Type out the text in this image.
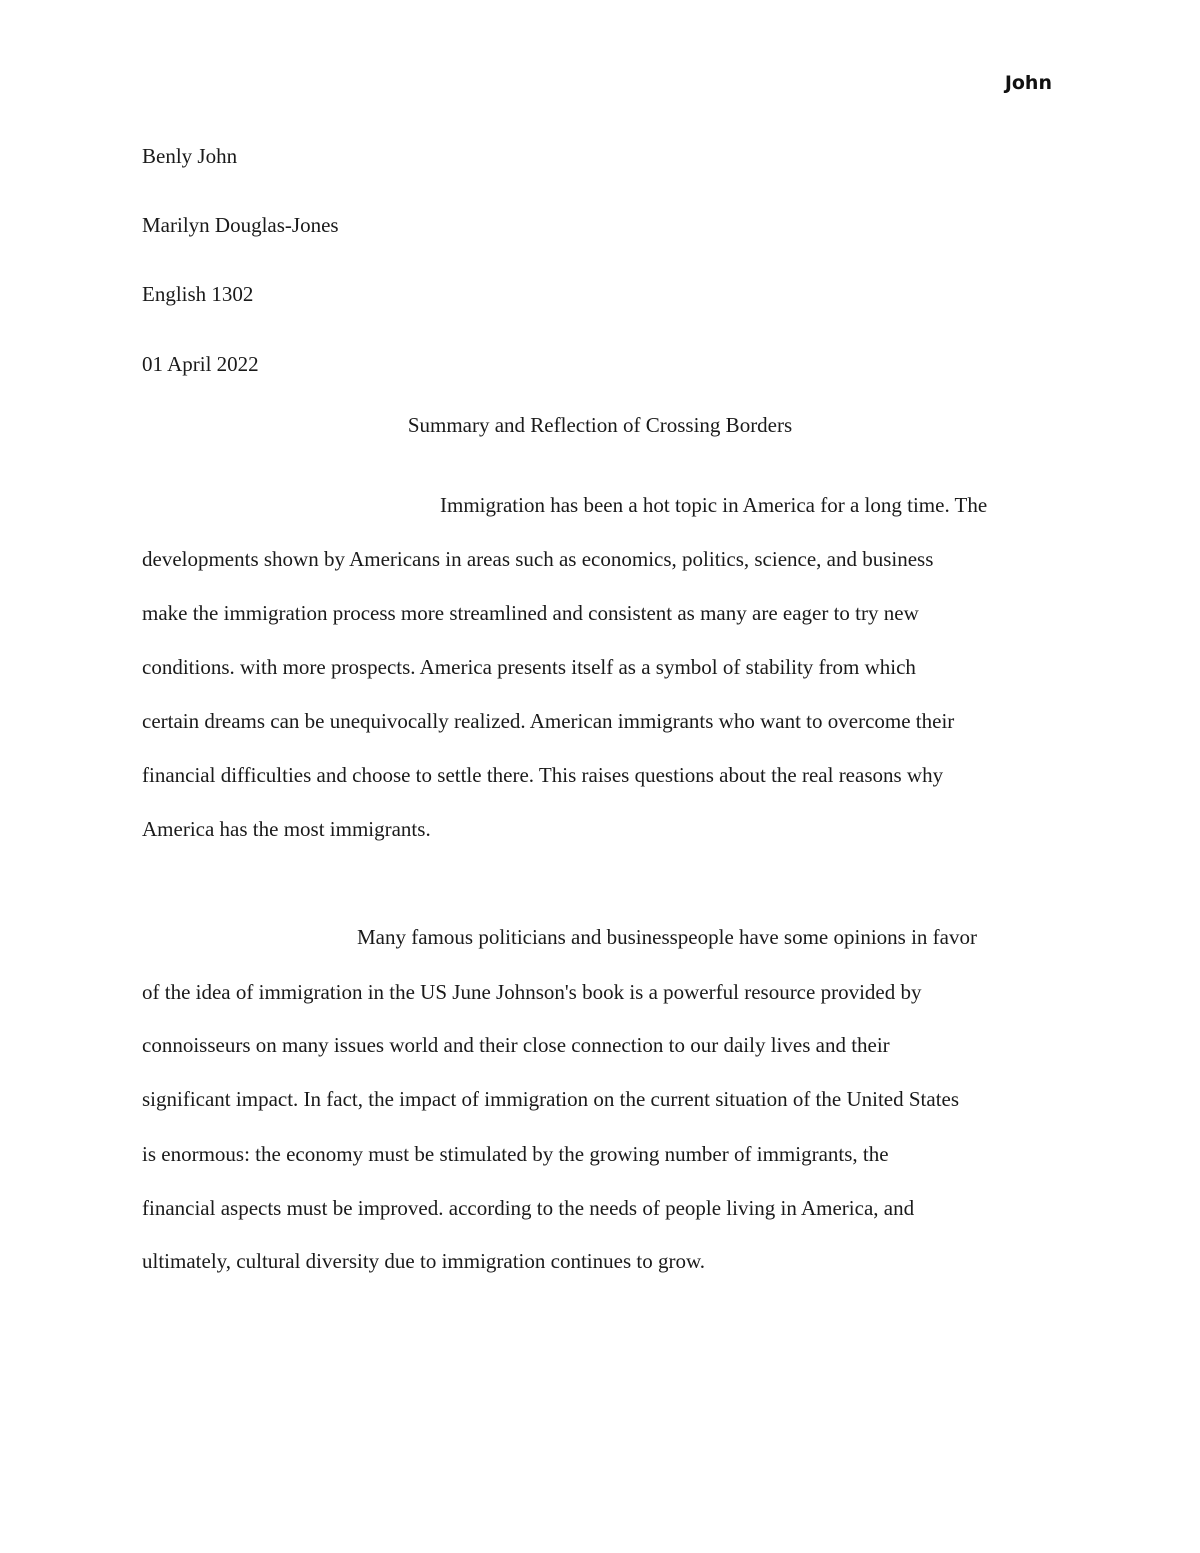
John
Benly John
Marilyn Douglas-Jones
English 1302
01 April 2022
Summary and Reflection of Crossing Borders
Immigration has been a hot topic in America for a long time. The
developments shown by Americans in areas such as economics, politics, science, and business
make the immigration process more streamlined and consistent as many are eager to try new
conditions. with more prospects. America presents itself as a symbol of stability from which
certain dreams can be unequivocally realized. American immigrants who want to overcome their
financial difficulties and choose to settle there. This raises questions about the real reasons why
America has the most immigrants.
Many famous politicians and businesspeople have some opinions in favor
of the idea of immigration in the US June Johnson's book is a powerful resource provided by
connoisseurs on many issues world and their close connection to our daily lives and their
significant impact. In fact, the impact of immigration on the current situation of the United States
is enormous: the economy must be stimulated by the growing number of immigrants, the
financial aspects must be improved. according to the needs of people living in America, and
ultimately, cultural diversity due to immigration continues to grow.
